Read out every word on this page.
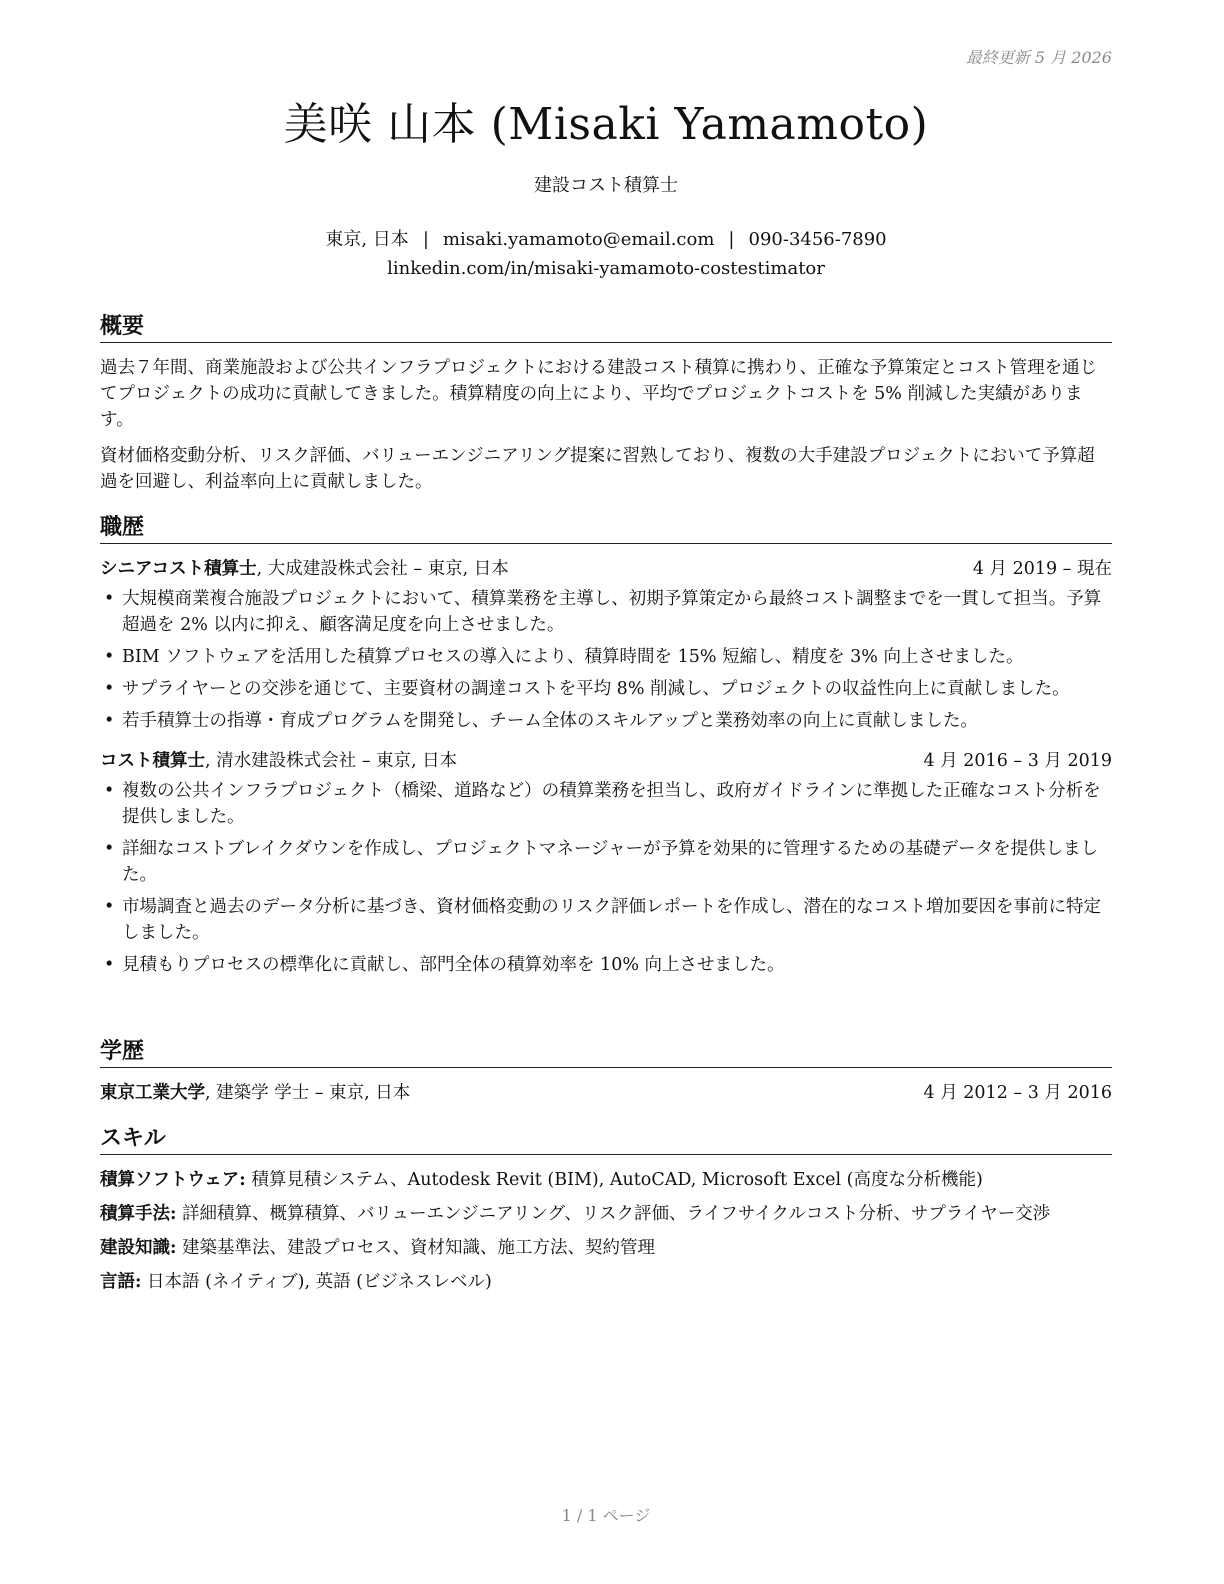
最終更新 5 月 2026
美咲 山本 (Misaki Yamamoto)
建設コスト積算士
東京, 日本 | misaki.yamamoto@email.com | 090-3456-7890
linkedin.com/in/misaki-yamamoto-costestimator
概要

過去７年間、商業施設および公共インフラプロジェクトにおける建設コスト積算に携わり、正確な予算策定とコスト管理を通じてプロジェクトの成功に貢献してきました。積算精度の向上により、平均でプロジェクトコストを 5% 削減した実績があります。

資材価格変動分析、リスク評価、バリューエンジニアリング提案に習熟しており、複数の大手建設プロジェクトにおいて予算超過を回避し、利益率向上に貢献しました。

職歴
シニアコスト積算士, 大成建設株式会社 – 東京, 日本	4 月 2019 – 現在
• 大規模商業複合施設プロジェクトにおいて、積算業務を主導し、初期予算策定から最終コスト調整までを一貫して担当。予算超過を 2% 以内に抑え、顧客満足度を向上させました。
• BIM ソフトウェアを活用した積算プロセスの導入により、積算時間を 15% 短縮し、精度を 3% 向上させました。
• サプライヤーとの交渉を通じて、主要資材の調達コストを平均 8% 削減し、プロジェクトの収益性向上に貢献しました。
• 若手積算士の指導・育成プログラムを開発し、チーム全体のスキルアップと業務効率の向上に貢献しました。
コスト積算士, 清水建設株式会社 – 東京, 日本	4 月 2016 – 3 月 2019
• 複数の公共インフラプロジェクト（橋梁、道路など）の積算業務を担当し、政府ガイドラインに準拠した正確なコスト分析を提供しました。
• 詳細なコストブレイクダウンを作成し、プロジェクトマネージャーが予算を効果的に管理するための基礎データを提供しました。
• 市場調査と過去のデータ分析に基づき、資材価格変動のリスク評価レポートを作成し、潜在的なコスト増加要因を事前に特定しました。
• 見積もりプロセスの標準化に貢献し、部門全体の積算効率を 10% 向上させました。
学歴
東京工業大学, 建築学 学士 – 東京, 日本	4 月 2012 – 3 月 2016
スキル
積算ソフトウェア: 積算見積システム、Autodesk Revit (BIM), AutoCAD, Microsoft Excel (高度な分析機能)
積算手法: 詳細積算、概算積算、バリューエンジニアリング、リスク評価、ライフサイクルコスト分析、サプライヤー交渉
建設知識: 建築基準法、建設プロセス、資材知識、施工方法、契約管理
言語: 日本語 (ネイティブ), 英語 (ビジネスレベル)
1 / 1 ページ
